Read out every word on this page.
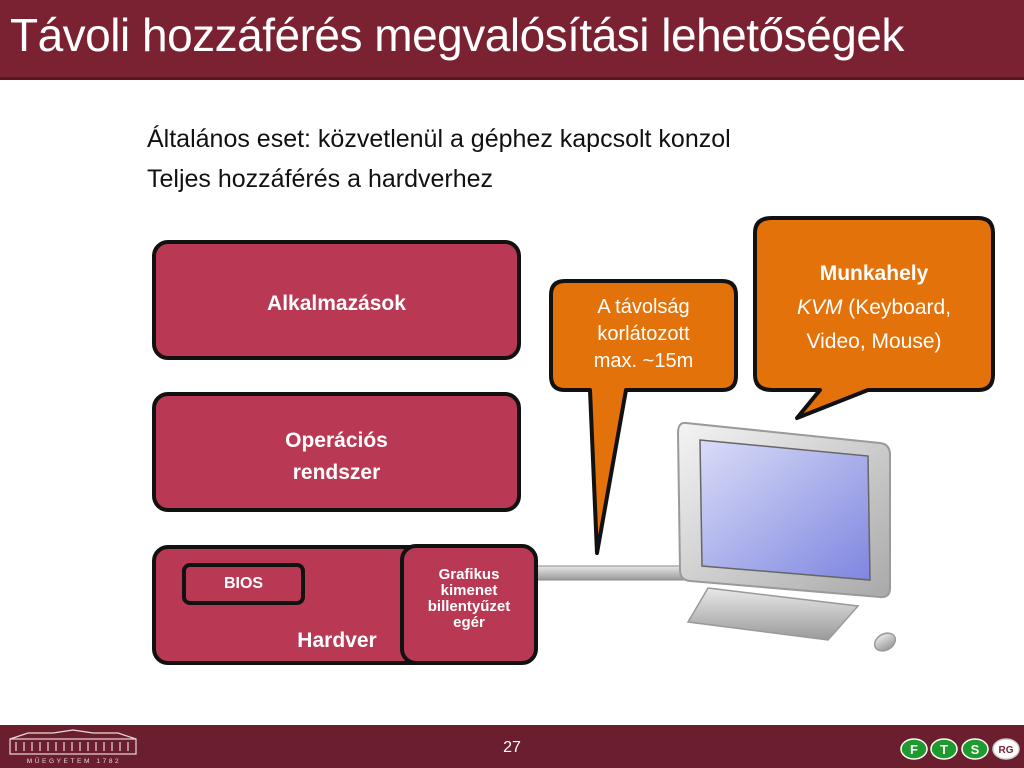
Távoli hozzáférés megvalósítási lehetőségek
Általános eset: közvetlenül a géphez kapcsolt konzol
Teljes hozzáférés a hardverhez
Alkalmazások
Operációs
rendszer
Hardver
BIOS
Grafikus
kimenet
billentyűzet
egér
A távolság
korlátozott
max. ~15m
Munkahely
KVM (Keyboard,
Video, Mouse)
MŰEGYETEM 1782
27	F T S RG
